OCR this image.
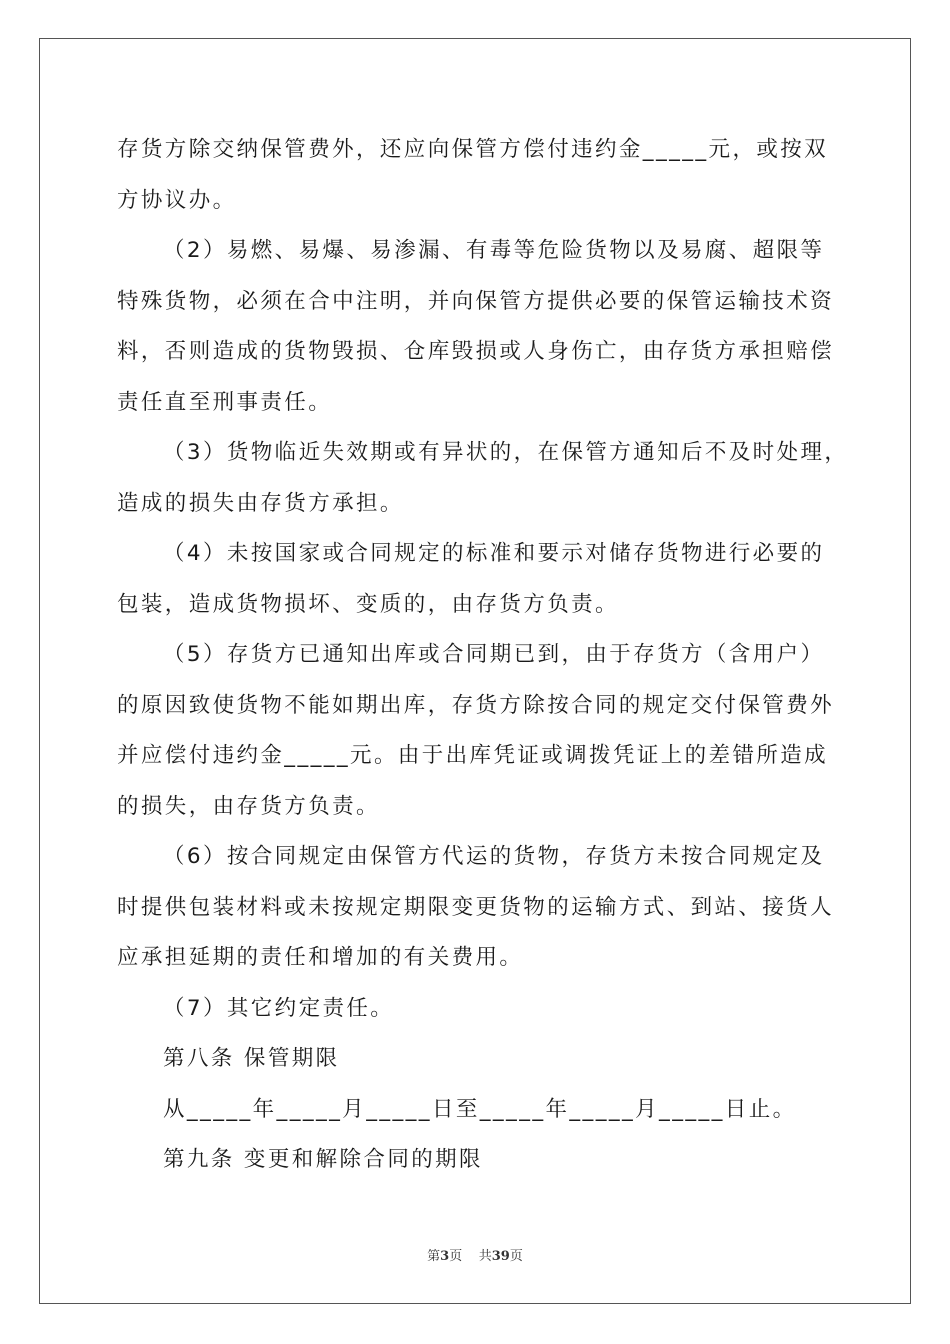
存货方除交纳保管费外，还应向保管方偿付违约金_____元，或按双
方协议办。
（2）易燃、易爆、易渗漏、有毒等危险货物以及易腐、超限等
特殊货物，必须在合中注明，并向保管方提供必要的保管运输技术资
料，否则造成的货物毁损、仓库毁损或人身伤亡，由存货方承担赔偿
责任直至刑事责任。
（3）货物临近失效期或有异状的，在保管方通知后不及时处理，
造成的损失由存货方承担。
（4）未按国家或合同规定的标准和要示对储存货物进行必要的
包装，造成货物损坏、变质的，由存货方负责。
（5）存货方已通知出库或合同期已到，由于存货方（含用户）
的原因致使货物不能如期出库，存货方除按合同的规定交付保管费外
并应偿付违约金_____元。由于出库凭证或调拨凭证上的差错所造成
的损失，由存货方负责。
（6）按合同规定由保管方代运的货物，存货方未按合同规定及
时提供包装材料或未按规定期限变更货物的运输方式、到站、接货人
应承担延期的责任和增加的有关费用。
（7）其它约定责任。
第八条 保管期限
从_____年_____月_____日至_____年_____月_____日止。
第九条 变更和解除合同的期限
第3页 共39页
